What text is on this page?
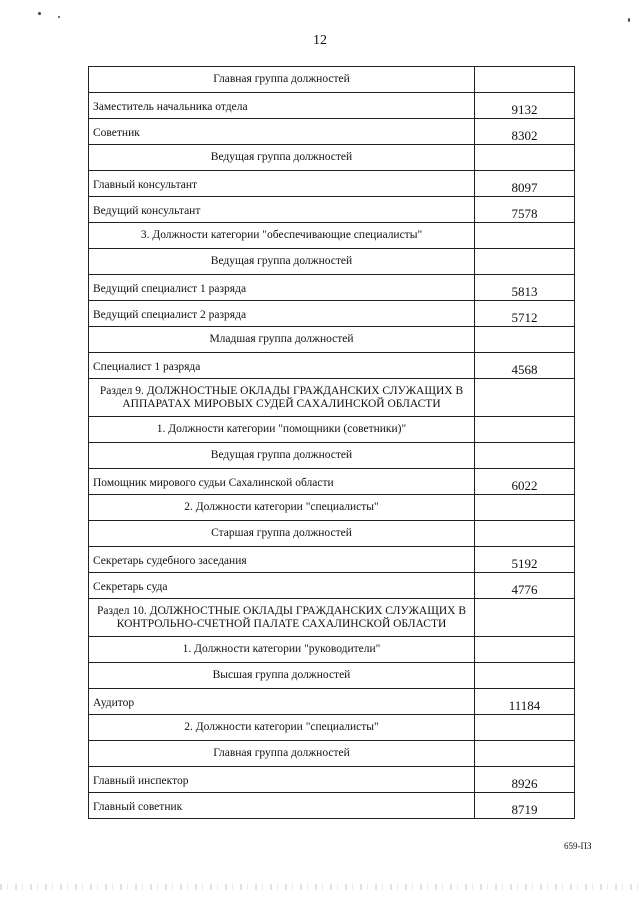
12
Главная группа должностей	
Заместитель начальника отдела	9132
Советник	8302
Ведущая группа должностей	
Главный консультант	8097
Ведущий консультант	7578
3. Должности категории "обеспечивающие специалисты"	
Ведущая группа должностей	
Ведущий специалист 1 разряда	5813
Ведущий специалист 2 разряда	5712
Младшая группа должностей	
Специалист 1 разряда	4568
Раздел 9. ДОЛЖНОСТНЫЕ ОКЛАДЫ ГРАЖДАНСКИХ СЛУЖАЩИХ В АППАРАТАХ МИРОВЫХ СУДЕЙ САХАЛИНСКОЙ ОБЛАСТИ	
1. Должности категории "помощники (советники)"	
Ведущая группа должностей	
Помощник мирового судьи Сахалинской области	6022
2. Должности категории "специалисты"	
Старшая группа должностей	
Секретарь судебного заседания	5192
Секретарь суда	4776
Раздел 10. ДОЛЖНОСТНЫЕ ОКЛАДЫ ГРАЖДАНСКИХ СЛУЖАЩИХ В КОНТРОЛЬНО-СЧЕТНОЙ ПАЛАТЕ САХАЛИНСКОЙ ОБЛАСТИ	
1. Должности категории "руководители"	
Высшая группа должностей	
Аудитор	11184
2. Должности категории "специалисты"	
Главная группа должностей	
Главный инспектор	8926
Главный советник	8719
659-ПЗ
